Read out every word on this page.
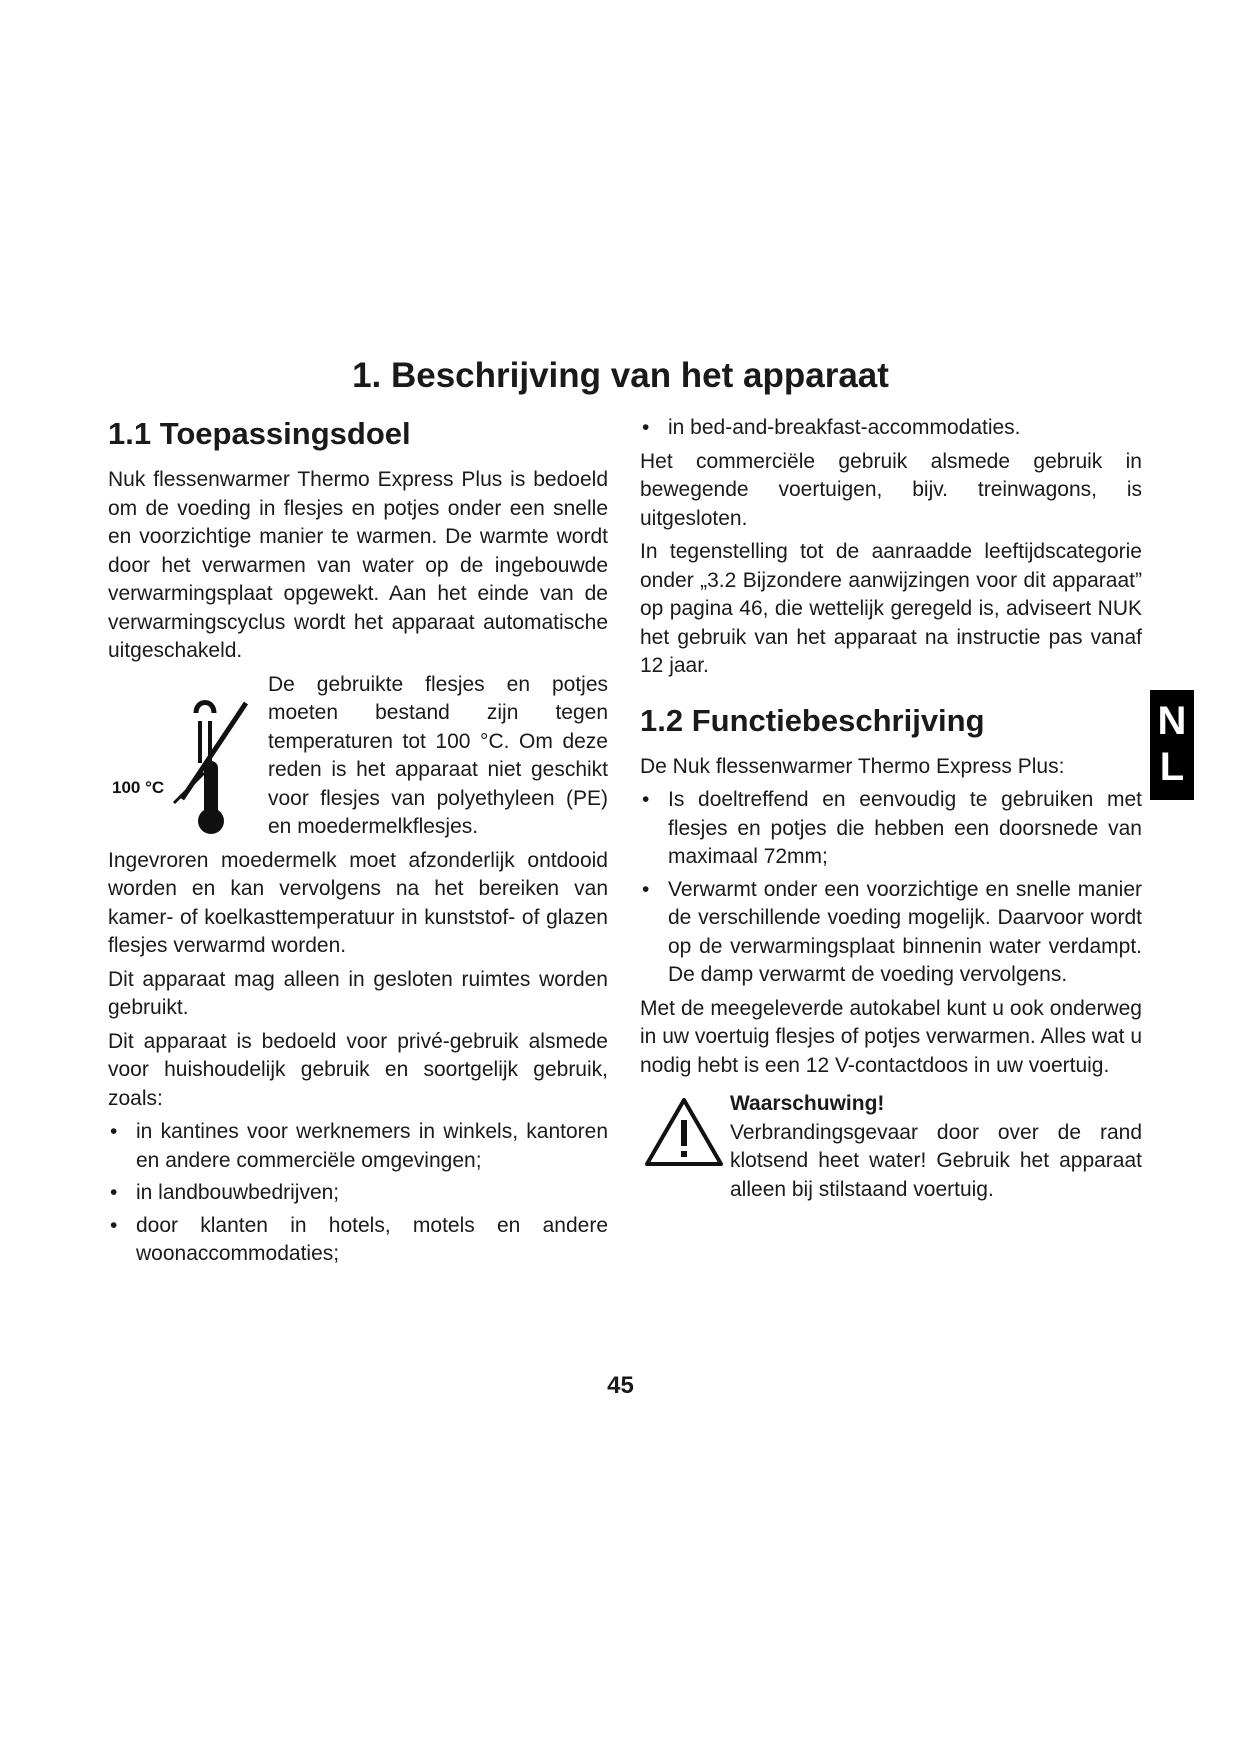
1. Beschrijving van het apparaat
1.1 Toepassingsdoel

Nuk flessenwarmer Thermo Express Plus is bedoeld om de voeding in flesjes en potjes onder een snelle en voorzichtige manier te warmen. De warmte wordt door het verwarmen van water op de ingebouwde verwarmingsplaat opgewekt. Aan het einde van de verwarmingscyclus wordt het apparaat automatische uitgeschakeld.

100 °C

De gebruikte flesjes en potjes moeten bestand zijn tegen temperaturen tot 100 °C. Om deze reden is het apparaat niet geschikt voor flesjes van polyethyleen (PE) en moedermelkflesjes.

Ingevroren moedermelk moet afzonderlijk ontdooid worden en kan vervolgens na het bereiken van kamer- of koelkasttemperatuur in kunststof- of glazen flesjes verwarmd worden.

Dit apparaat mag alleen in gesloten ruimtes worden gebruikt.

Dit apparaat is bedoeld voor privé-gebruik alsmede voor huishoudelijk gebruik en soortgelijk gebruik, zoals:

• in kantines voor werknemers in winkels, kantoren en andere commerciële omgevingen;
• in landbouwbedrijven;
• door klanten in hotels, motels en andere woonaccommodaties;
• in bed-and-breakfast-accommodaties.

Het commerciële gebruik alsmede gebruik in bewegende voertuigen, bijv. treinwagons, is uitgesloten.

In tegenstelling tot de aanraadde leeftijdscategorie onder „3.2 Bijzondere aanwijzingen voor dit apparaat” op pagina 46, die wettelijk geregeld is, adviseert NUK het gebruik van het apparaat na instructie pas vanaf 12 jaar.

1.2 Functiebeschrijving

De Nuk flessenwarmer Thermo Express Plus:

• Is doeltreffend en eenvoudig te gebruiken met flesjes en potjes die hebben een doorsnede van maximaal 72mm;
• Verwarmt onder een voorzichtige en snelle manier de verschillende voeding mogelijk. Daarvoor wordt op de verwarmingsplaat binnenin water verdampt. De damp verwarmt de voeding vervolgens.

Met de meegeleverde autokabel kunt u ook onderweg in uw voertuig flesjes of potjes verwarmen. Alles wat u nodig hebt is een 12 V-contactdoos in uw voertuig.

Waarschuwing!

Verbrandingsgevaar door over de rand klotsend heet water! Gebruik het apparaat alleen bij stilstaand voertuig.

N
L
45
